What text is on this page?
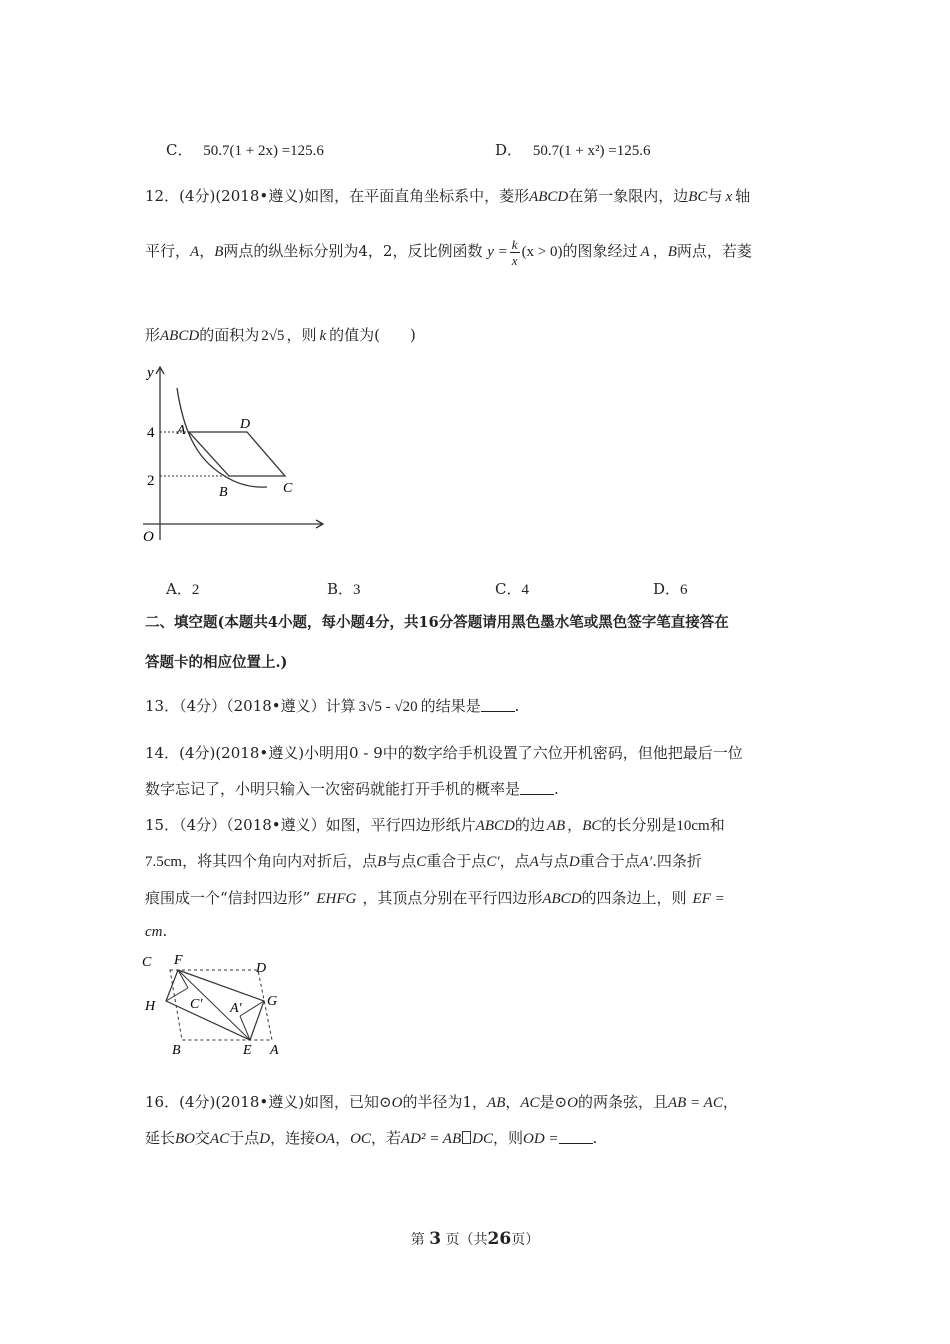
C． 50.7(1 + 2x) =125.6	D． 50.7(1 + x²) =125.6
12．(4分)(2018•遵义)如图，在平面直角坐标系中，菱形ABCD在第一象限内，边BC与 x 轴
平行，A，B两点的纵坐标分别为4，2，反比例函数 $y = \frac{k}{x} (x > 0)$的图象经过 A ，B两点，若菱
形ABCD的面积为 2√5 ，则 k 的值为(　　)
y
O
4
2
A	D
B	C
A．2	B．3	C．4	D．6
二、填空题(本题共4小题，每小题4分，共16分答题请用黑色墨水笔或黑色签字笔直接答在
答题卡的相应位置上.)
13．（4分）（2018•遵义）计算 3√5 - √20 的结果是 .
14．(4分)(2018•遵义)小明用0 - 9中的数字给手机设置了六位开机密码，但他把最后一位
数字忘记了，小明只输入一次密码就能打开手机的概率是 .
15．（4分）（2018•遵义）如图，平行四边形纸片ABCD的边 AB ，BC的长分别是10cm和
7.5cm，将其四个角向内对折后，点B与点C重合于点C′，点A与点D重合于点A′.四条折
痕围成一个“信封四边形” EHFG ，其顶点分别在平行四边形ABCD的四条边上，则 EF =
cm.
C F
D
H C′ A′ G
B	E A
16．(4分)(2018•遵义)如图，已知⊙O的半径为1，AB，AC是⊙O的两条弦，且AB = AC，
延长BO交AC于点D，连接OA，OC，若AD² = AB DC，则OD = .
第 3 页（共26页）
